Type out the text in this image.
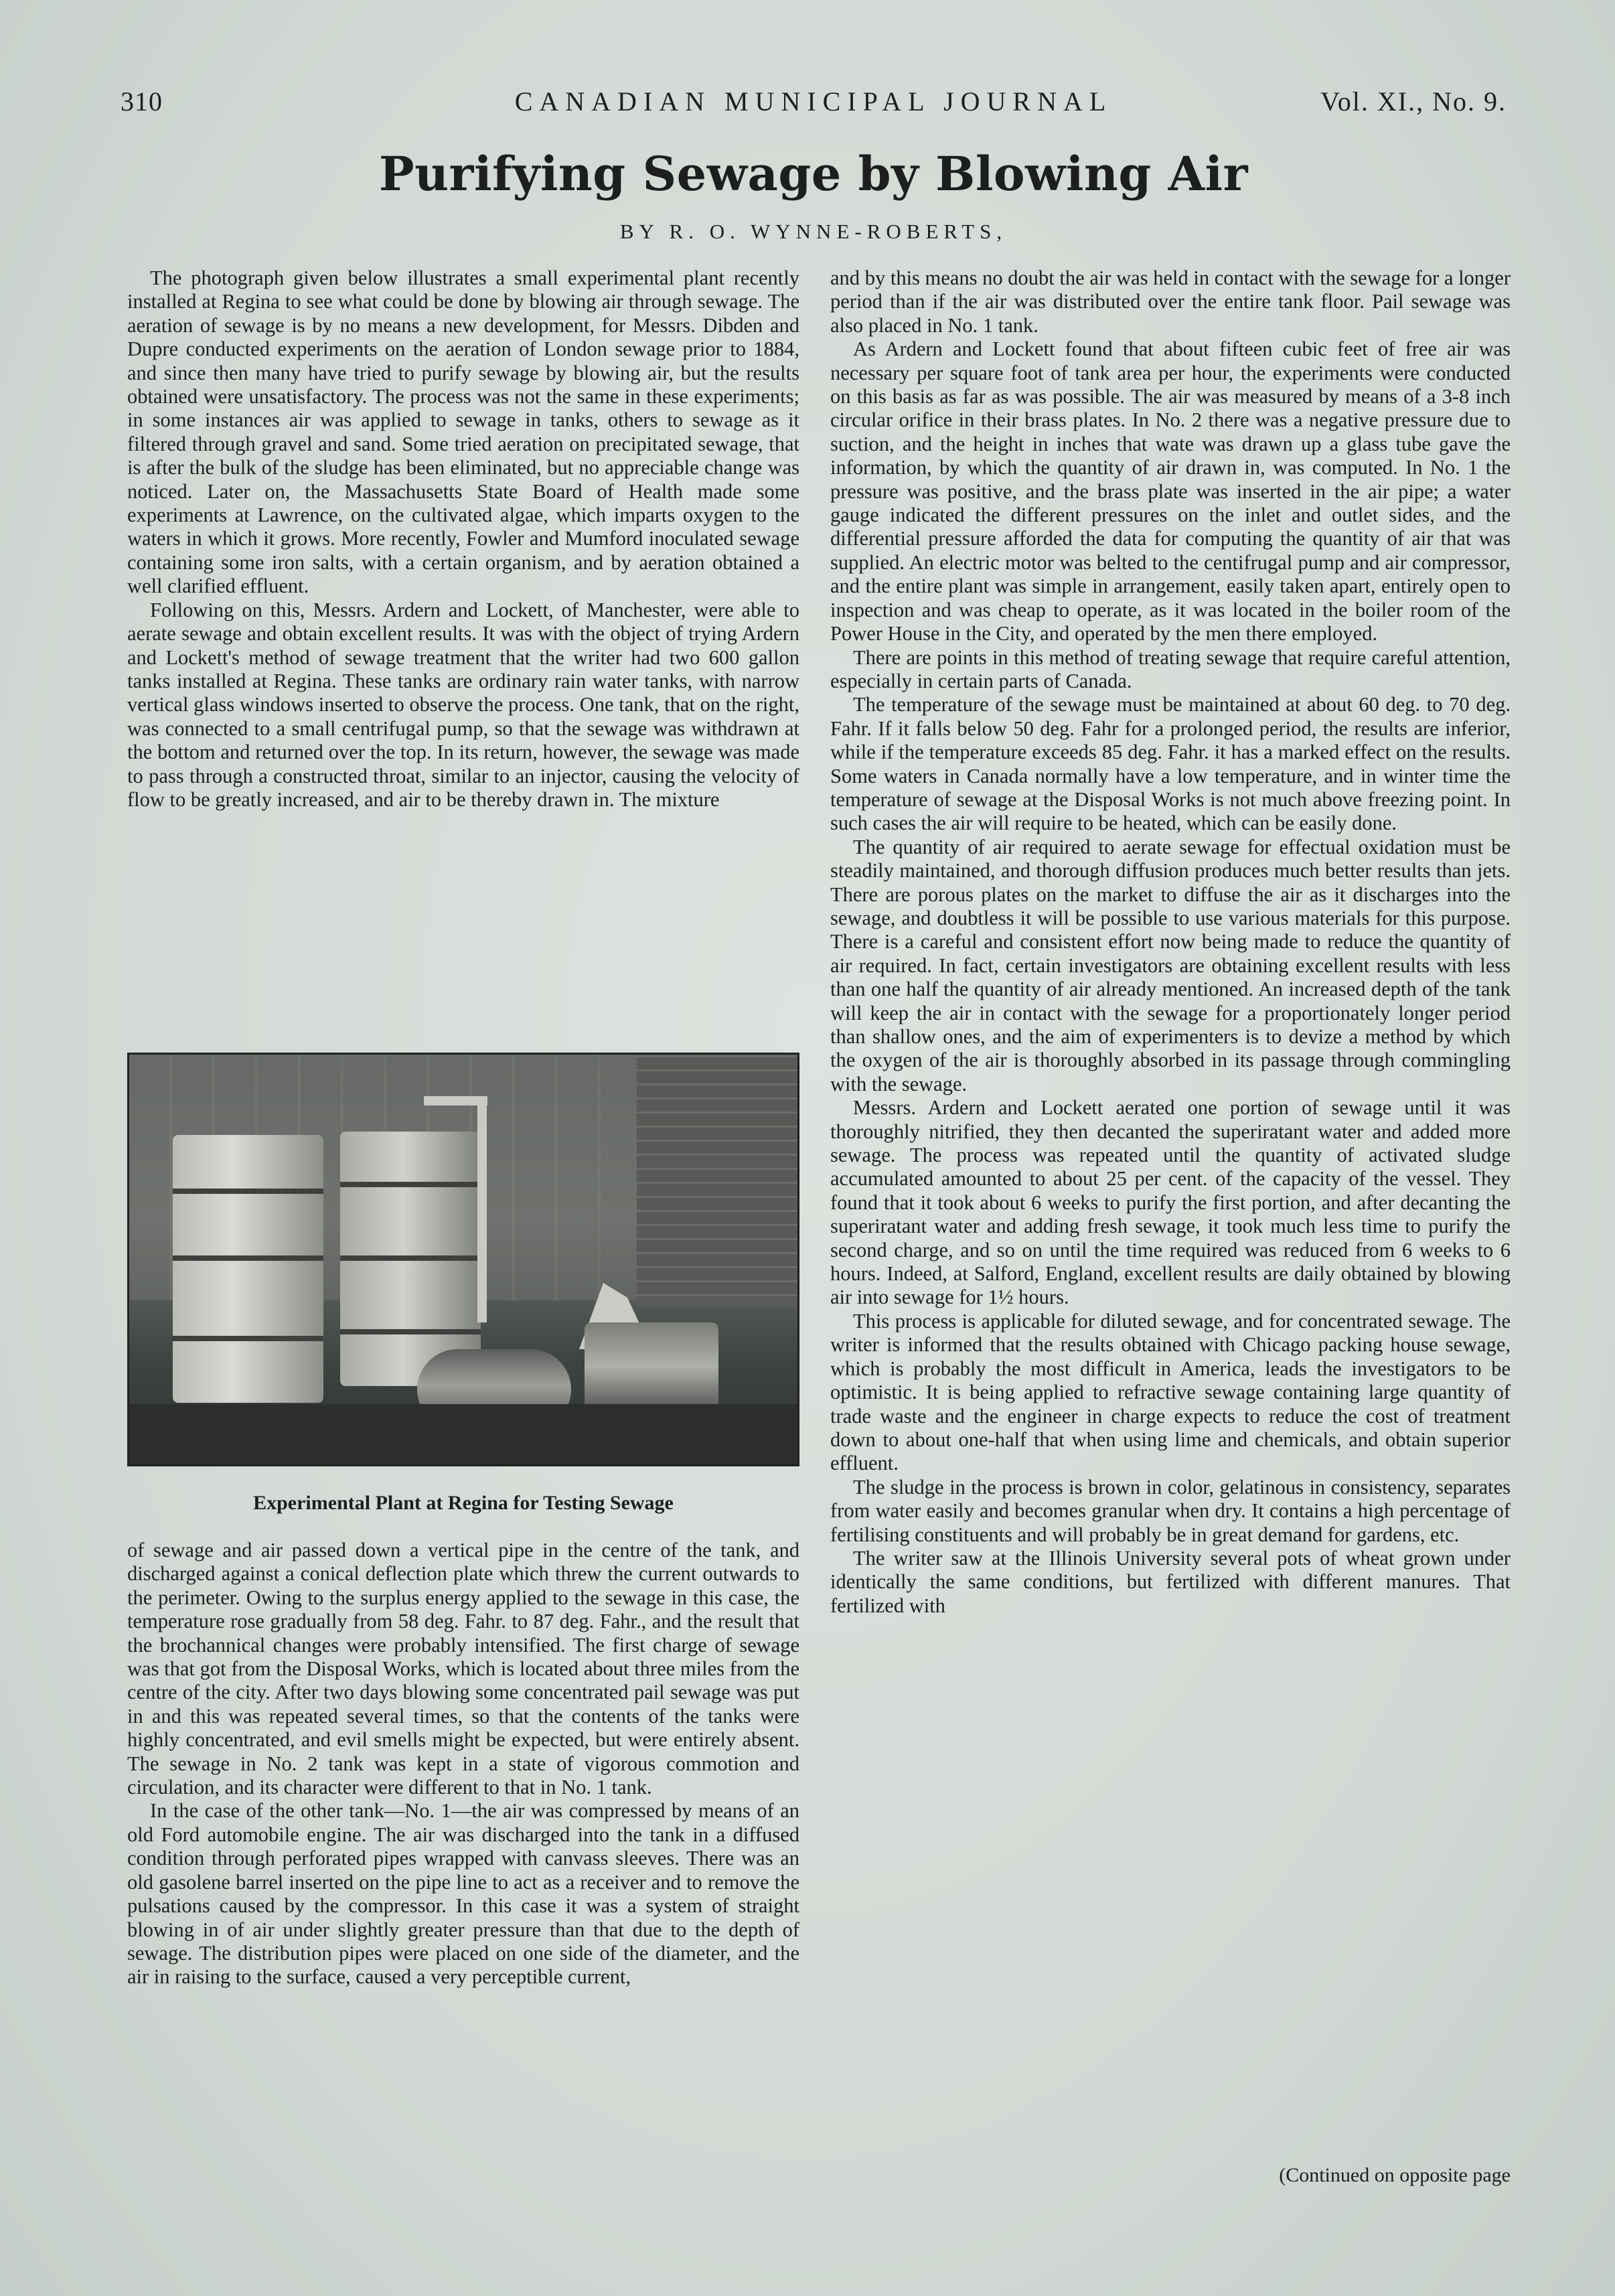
310	CANADIAN MUNICIPAL JOURNAL	Vol. XI., No. 9.
Purifying Sewage by Blowing Air
BY R. O. WYNNE-ROBERTS,

The photograph given below illustrates a small experimental plant recently installed at Regina to see what could be done by blowing air through sewage. The aeration of sewage is by no means a new development, for Messrs. Dibden and Dupre conducted experiments on the aeration of London sewage prior to 1884, and since then many have tried to purify sewage by blowing air, but the results obtained were unsatisfactory. The process was not the same in these experiments; in some instances air was applied to sewage in tanks, others to sewage as it filtered through gravel and sand. Some tried aeration on precipitated sewage, that is after the bulk of the sludge has been eliminated, but no appreciable change was noticed. Later on, the Massachusetts State Board of Health made some experiments at Lawrence, on the cultivated algae, which imparts oxygen to the waters in which it grows. More recently, Fowler and Mumford inoculated sewage containing some iron salts, with a certain organism, and by aeration obtained a well clarified effluent.

Following on this, Messrs. Ardern and Lockett, of Manchester, were able to aerate sewage and obtain excellent results. It was with the object of trying Ardern and Lockett's method of sewage treatment that the writer had two 600 gallon tanks installed at Regina. These tanks are ordinary rain water tanks, with narrow vertical glass windows inserted to observe the process. One tank, that on the right, was connected to a small centrifugal pump, so that the sewage was withdrawn at the bottom and returned over the top. In its return, however, the sewage was made to pass through a constructed throat, similar to an injector, causing the velocity of flow to be greatly increased, and air to be thereby drawn in. The mixture

Experimental Plant at Regina for Testing Sewage

of sewage and air passed down a vertical pipe in the centre of the tank, and discharged against a conical deflection plate which threw the current outwards to the perimeter. Owing to the surplus energy applied to the sewage in this case, the temperature rose gradually from 58 deg. Fahr. to 87 deg. Fahr., and the result that the brochannical changes were probably intensified. The first charge of sewage was that got from the Disposal Works, which is located about three miles from the centre of the city. After two days blowing some concentrated pail sewage was put in and this was repeated several times, so that the contents of the tanks were highly concentrated, and evil smells might be expected, but were entirely absent. The sewage in No. 2 tank was kept in a state of vigorous commotion and circulation, and its character were different to that in No. 1 tank.

In the case of the other tank—No. 1—the air was compressed by means of an old Ford automobile engine. The air was discharged into the tank in a diffused condition through perforated pipes wrapped with canvass sleeves. There was an old gasolene barrel inserted on the pipe line to act as a receiver and to remove the pulsations caused by the compressor. In this case it was a system of straight blowing in of air under slightly greater pressure than that due to the depth of sewage. The distribution pipes were placed on one side of the diameter, and the air in raising to the surface, caused a very perceptible current,

and by this means no doubt the air was held in contact with the sewage for a longer period than if the air was distributed over the entire tank floor. Pail sewage was also placed in No. 1 tank.

As Ardern and Lockett found that about fifteen cubic feet of free air was necessary per square foot of tank area per hour, the experiments were conducted on this basis as far as was possible. The air was measured by means of a 3-8 inch circular orifice in their brass plates. In No. 2 there was a negative pressure due to suction, and the height in inches that wate was drawn up a glass tube gave the information, by which the quantity of air drawn in, was computed. In No. 1 the pressure was positive, and the brass plate was inserted in the air pipe; a water gauge indicated the different pressures on the inlet and outlet sides, and the differential pressure afforded the data for computing the quantity of air that was supplied. An electric motor was belted to the centifrugal pump and air compressor, and the entire plant was simple in arrangement, easily taken apart, entirely open to inspection and was cheap to operate, as it was located in the boiler room of the Power House in the City, and operated by the men there employed.

There are points in this method of treating sewage that require careful attention, especially in certain parts of Canada.

The temperature of the sewage must be maintained at about 60 deg. to 70 deg. Fahr. If it falls below 50 deg. Fahr for a prolonged period, the results are inferior, while if the temperature exceeds 85 deg. Fahr. it has a marked effect on the results. Some waters in Canada normally have a low temperature, and in winter time the temperature of sewage at the Disposal Works is not much above freezing point. In such cases the air will require to be heated, which can be easily done.

The quantity of air required to aerate sewage for effectual oxidation must be steadily maintained, and thorough diffusion produces much better results than jets. There are porous plates on the market to diffuse the air as it discharges into the sewage, and doubtless it will be possible to use various materials for this purpose. There is a careful and consistent effort now being made to reduce the quantity of air required. In fact, certain investigators are obtaining excellent results with less than one half the quantity of air already mentioned. An increased depth of the tank will keep the air in contact with the sewage for a proportionately longer period than shallow ones, and the aim of experimenters is to devize a method by which the oxygen of the air is thoroughly absorbed in its passage through commingling with the sewage.

Messrs. Ardern and Lockett aerated one portion of sewage until it was thoroughly nitrified, they then decanted the superiratant water and added more sewage. The process was repeated until the quantity of activated sludge accumulated amounted to about 25 per cent. of the capacity of the vessel. They found that it took about 6 weeks to purify the first portion, and after decanting the superiratant water and adding fresh sewage, it took much less time to purify the second charge, and so on until the time required was reduced from 6 weeks to 6 hours. Indeed, at Salford, England, excellent results are daily obtained by blowing air into sewage for 1½ hours.

This process is applicable for diluted sewage, and for concentrated sewage. The writer is informed that the results obtained with Chicago packing house sewage, which is probably the most difficult in America, leads the investigators to be optimistic. It is being applied to refractive sewage containing large quantity of trade waste and the engineer in charge expects to reduce the cost of treatment down to about one-half that when using lime and chemicals, and obtain superior effluent.

The sludge in the process is brown in color, gelatinous in consistency, separates from water easily and becomes granular when dry. It contains a high percentage of fertilising constituents and will probably be in great demand for gardens, etc.

The writer saw at the Illinois University several pots of wheat grown under identically the same conditions, but fertilized with different manures. That fertilized with

(Continued on opposite page
